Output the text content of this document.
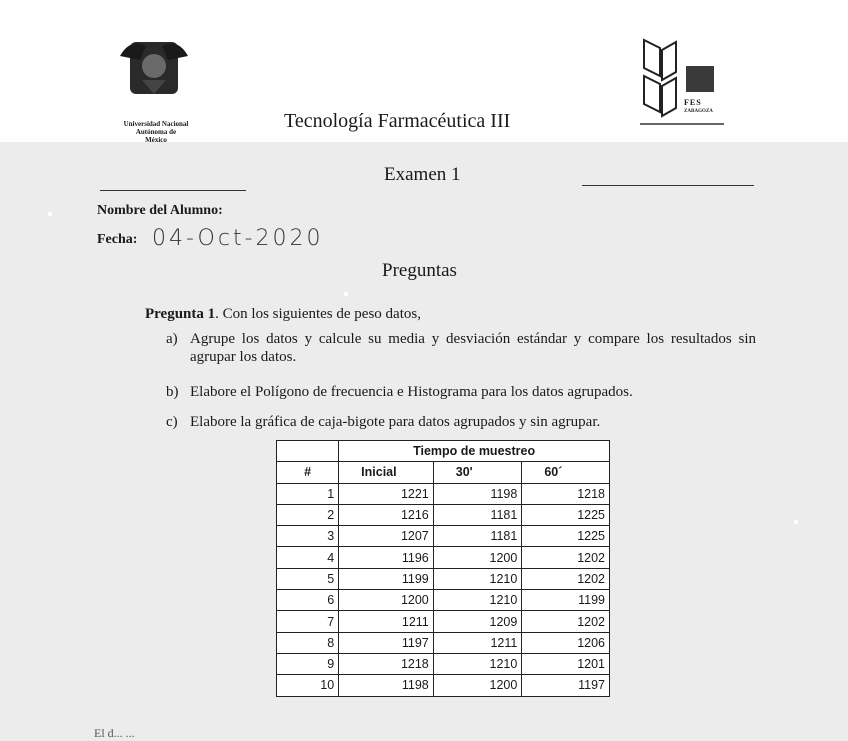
Universidad Nacional
Autónoma de
México
Tecnología Farmacéutica III
FES
ZARAGOZA
Examen 1
Nombre del Alumno:
Fecha: 04-Oct-2020
Preguntas
Pregunta 1. Con los siguientes de peso datos,
a) Agrupe los datos y calcule su media y desviación estándar y compare los resultados sin agrupar los datos.
b) Elabore el Polígono de frecuencia e Histograma para los datos agrupados.
c) Elabore la gráfica de caja-bigote para datos agrupados y sin agrupar.
	Tiempo de muestreo		
#	Inicial	30'	60´
1	1221	1198	1218
2	1216	1181	1225
3	1207	1181	1225
4	1196	1200	1202
5	1199	1210	1202
6	1200	1210	1199
7	1211	1209	1202
8	1197	1211	1206
9	1218	1210	1201
10	1198	1200	1197
El d... ...
